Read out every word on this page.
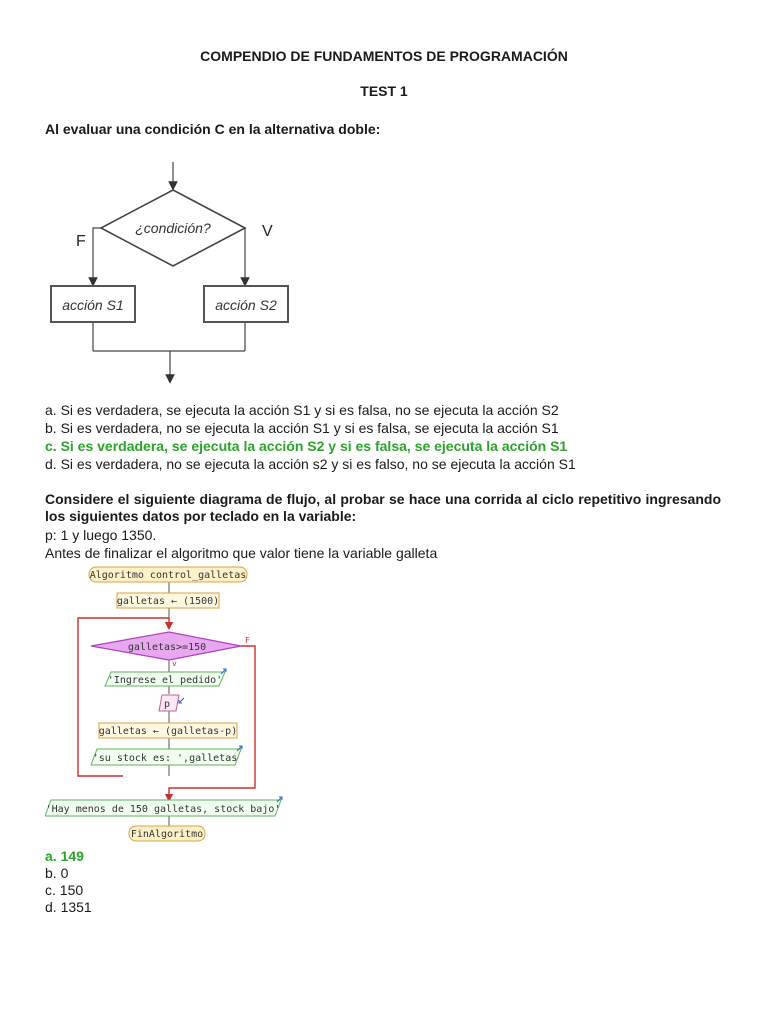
COMPENDIO DE FUNDAMENTOS DE PROGRAMACIÓN
TEST 1
Al evaluar una condición C en la alternativa doble:
¿condición?
F
V
acción S1	acción S2
a. Si es verdadera, se ejecuta la acción S1 y si es falsa, no se ejecuta la acción S2
b. Si es verdadera, no se ejecuta la acción S1 y si es falsa, se ejecuta la acción S1
c. Si es verdadera, se ejecuta la acción S2 y si es falsa, se ejecuta la acción S1
d. Si es verdadera, no se ejecuta la acción s2 y si es falso, no se ejecuta la acción S1
Considere el siguiente diagrama de flujo, al probar se hace una corrida al ciclo repetitivo ingresando los siguientes datos por teclado en la variable:
p: 1 y luego 1350.
Antes de finalizar el algoritmo que valor tiene la variable galleta
Algoritmo control_galletas
galletas ← (1500)
galletas>=150
v
F
'Ingrese el pedido'
p
galletas ← (galletas-p)
'su stock es: ',galletas
'Hay menos de 150 galletas, stock bajo'
FinAlgoritmo
a. 149
b. 0
c. 150
d. 1351
